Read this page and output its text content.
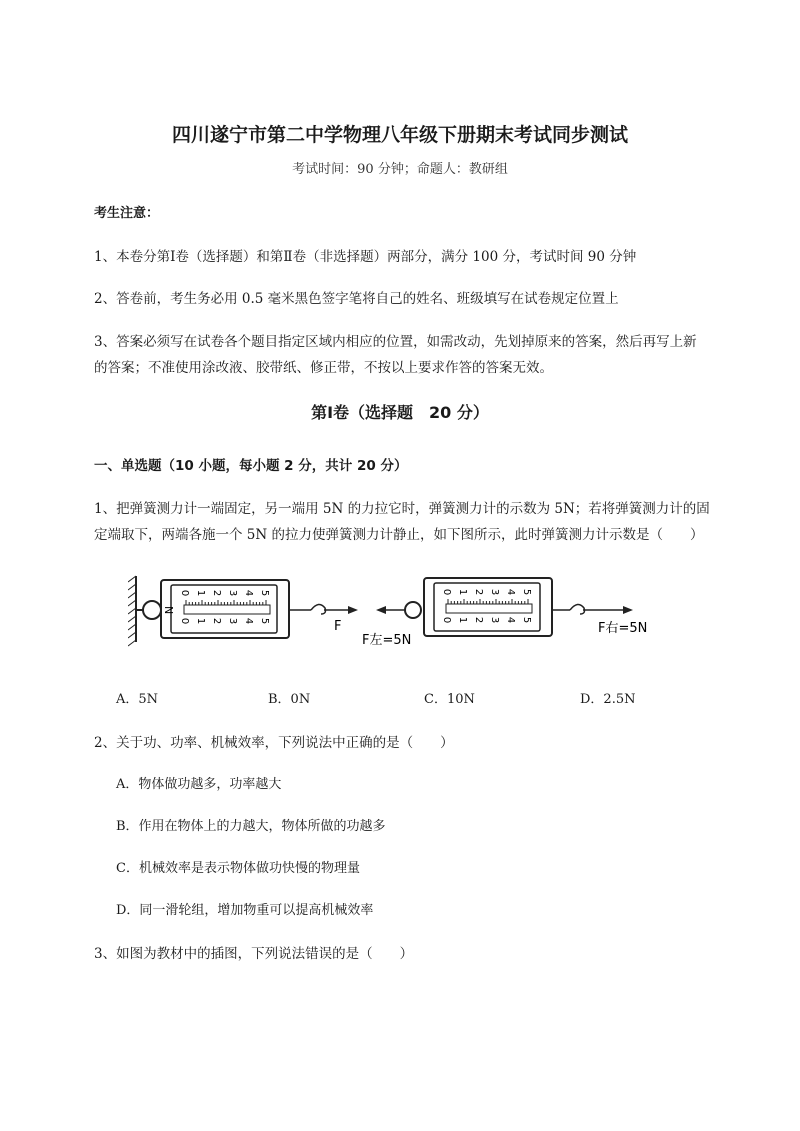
四川遂宁市第二中学物理八年级下册期末考试同步测试
考试时间：90 分钟；命题人：教研组
考生注意：
1、本卷分第Ⅰ卷（选择题）和第Ⅱ卷（非选择题）两部分，满分 100 分，考试时间 90 分钟
2、答卷前，考生务必用 0.5 毫米黑色签字笔将自己的姓名、班级填写在试卷规定位置上
3、答案必须写在试卷各个题目指定区域内相应的位置，如需改动，先划掉原来的答案，然后再写上新
的答案；不准使用涂改液、胶带纸、修正带，不按以上要求作答的答案无效。
第Ⅰ卷（选择题　20 分）
一、单选题（10 小题，每小题 2 分，共计 20 分）
1、把弹簧测力计一端固定，另一端用 5N 的力拉它时，弹簧测力计的示数为 5N；若将弹簧测力计的固
定端取下，两端各施一个 5N 的拉力使弹簧测力计静止，如下图所示，此时弹簧测力计示数是（　　）
N
0 1 2 3 4 5
0 1 2 3 4 5	F
0 1 2 3 4 5
0 1 2 3 4 5
F左=5N
F右=5N
A．5N	B．0N	C．10N	D．2.5N
2、关于功、功率、机械效率，下列说法中正确的是（　　）
A．物体做功越多，功率越大
B．作用在物体上的力越大，物体所做的功越多
C．机械效率是表示物体做功快慢的物理量
D．同一滑轮组，增加物重可以提高机械效率
3、如图为教材中的插图，下列说法错误的是（　　）
